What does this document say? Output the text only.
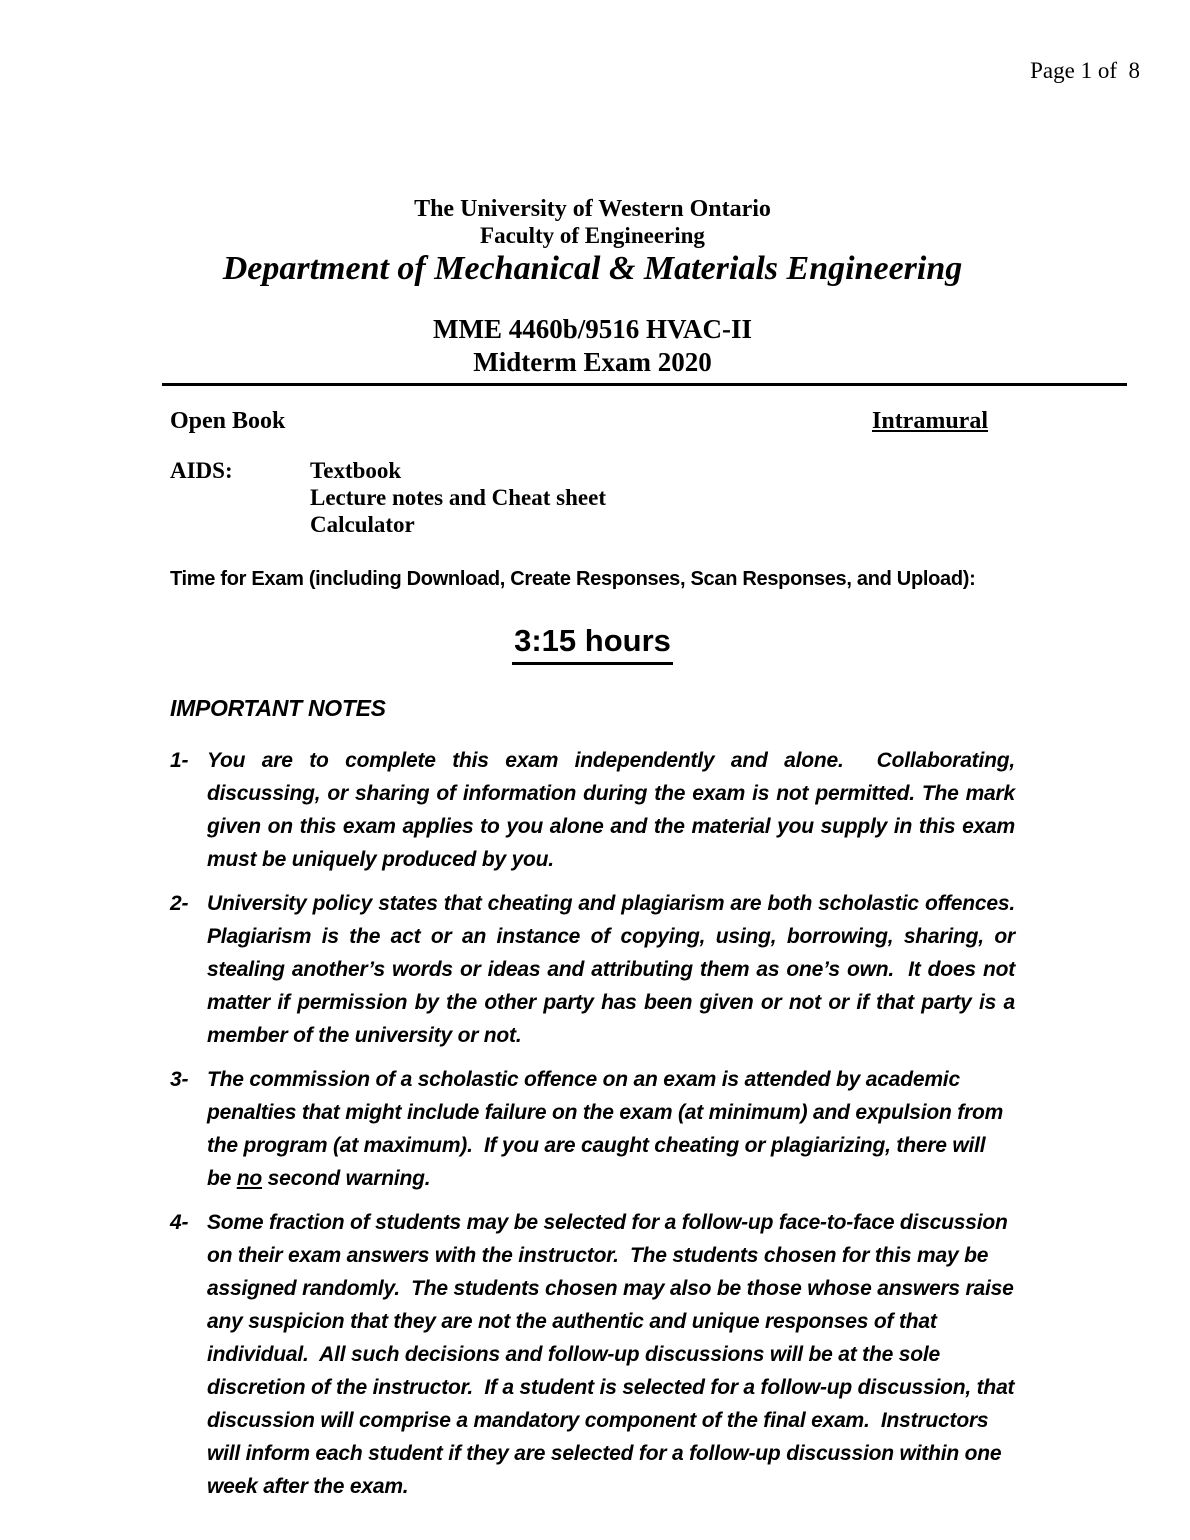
Page 1 of  8
The University of Western Ontario
Faculty of Engineering
Department of Mechanical & Materials Engineering
MME 4460b/9516 HVAC-II
Midterm Exam 2020
Open Book	Intramural
AIDS:	Textbook
Lecture notes and Cheat sheet
Calculator
Time for Exam (including Download, Create Responses, Scan Responses, and Upload):
3:15 hours
IMPORTANT NOTES
1- You are to complete this exam independently and alone.  Collaborating, discussing, or sharing of information during the exam is not permitted. The mark given on this exam applies to you alone and the material you supply in this exam must be uniquely produced by you.
2- University policy states that cheating and plagiarism are both scholastic offences. Plagiarism is the act or an instance of copying, using, borrowing, sharing, or stealing another’s words or ideas and attributing them as one’s own.  It does not matter if permission by the other party has been given or not or if that party is a member of the university or not.
3- The commission of a scholastic offence on an exam is attended by academic penalties that might include failure on the exam (at minimum) and expulsion from the program (at maximum).  If you are caught cheating or plagiarizing, there will be no second warning.
4- Some fraction of students may be selected for a follow-up face-to-face discussion on their exam answers with the instructor.  The students chosen for this may be assigned randomly.  The students chosen may also be those whose answers raise any suspicion that they are not the authentic and unique responses of that individual.  All such decisions and follow-up discussions will be at the sole discretion of the instructor.  If a student is selected for a follow-up discussion, that discussion will comprise a mandatory component of the final exam.  Instructors will inform each student if they are selected for a follow-up discussion within one week after the exam.
